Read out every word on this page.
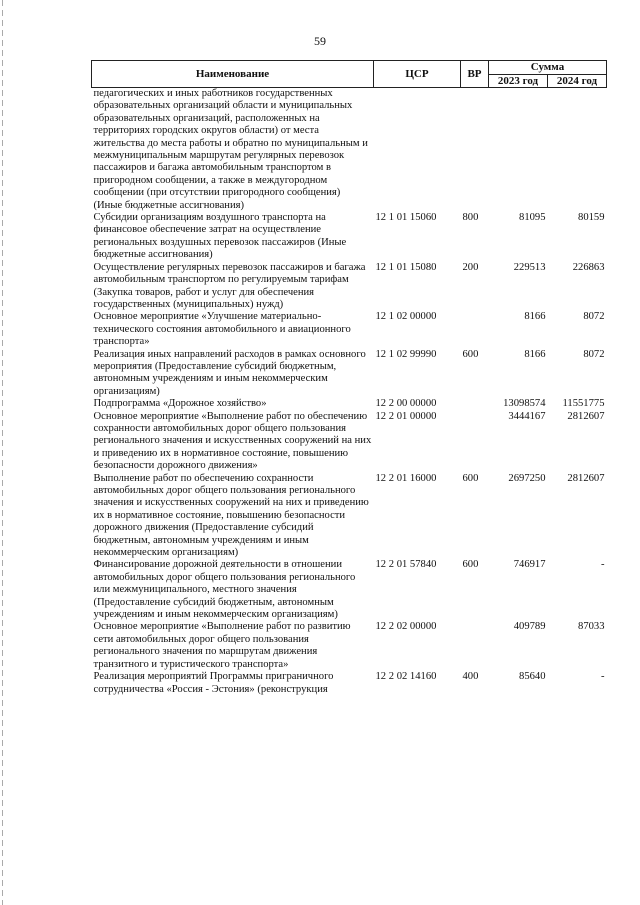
59
Наименование	ЦСР	ВР	Сумма	
			2023 год	2024 год
педагогических и иных работников государственных образовательных организаций области и муниципальных образовательных организаций, расположенных на территориях городских округов области) от места жительства до места работы и обратно по муниципальным и межмуниципальным маршрутам регулярных перевозок пассажиров и багажа автомобильным транспортом в пригородном сообщении, а также в междугородном сообщении (при отсутствии пригородного сообщения) (Иные бюджетные ассигнования)				
Субсидии организациям воздушного транспорта на финансовое обеспечение затрат на осуществление региональных воздушных перевозок пассажиров (Иные бюджетные ассигнования)	12 1 01 15060	800	81095	80159
Осуществление регулярных перевозок пассажиров и багажа автомобильным транспортом по регулируемым тарифам (Закупка товаров, работ и услуг для обеспечения государственных (муниципальных) нужд)	12 1 01 15080	200	229513	226863
Основное мероприятие «Улучшение материально-технического состояния автомобильного и авиационного транспорта»	12 1 02 00000		8166	8072
Реализация иных направлений расходов в рамках основного мероприятия (Предоставление субсидий бюджетным, автономным учреждениям и иным некоммерческим организациям)	12 1 02 99990	600	8166	8072
Подпрограмма «Дорожное хозяйство»	12 2 00 00000		13098574	11551775
Основное мероприятие «Выполнение работ по обеспечению сохранности автомобильных дорог общего пользования регионального значения и искусственных сооружений на них и приведению их в нормативное состояние, повышению безопасности дорожного движения»	12 2 01 00000		3444167	2812607
Выполнение работ по обеспечению сохранности автомобильных дорог общего пользования регионального значения и искусственных сооружений на них и приведению их в нормативное состояние, повышению безопасности дорожного движения (Предоставление субсидий бюджетным, автономным учреждениям и иным некоммерческим организациям)	12 2 01 16000	600	2697250	2812607
Финансирование дорожной деятельности в отношении автомобильных дорог общего пользования регионального или межмуниципального, местного значения (Предоставление субсидий бюджетным, автономным учреждениям и иным некоммерческим организациям)	12 2 01 57840	600	746917	-
Основное мероприятие «Выполнение работ по развитию сети автомобильных дорог общего пользования регионального значения по маршрутам движения транзитного и туристического транспорта»	12 2 02 00000		409789	87033
Реализация мероприятий Программы приграничного сотрудничества «Россия - Эстония» (реконструкция	12 2 02 14160	400	85640	-
